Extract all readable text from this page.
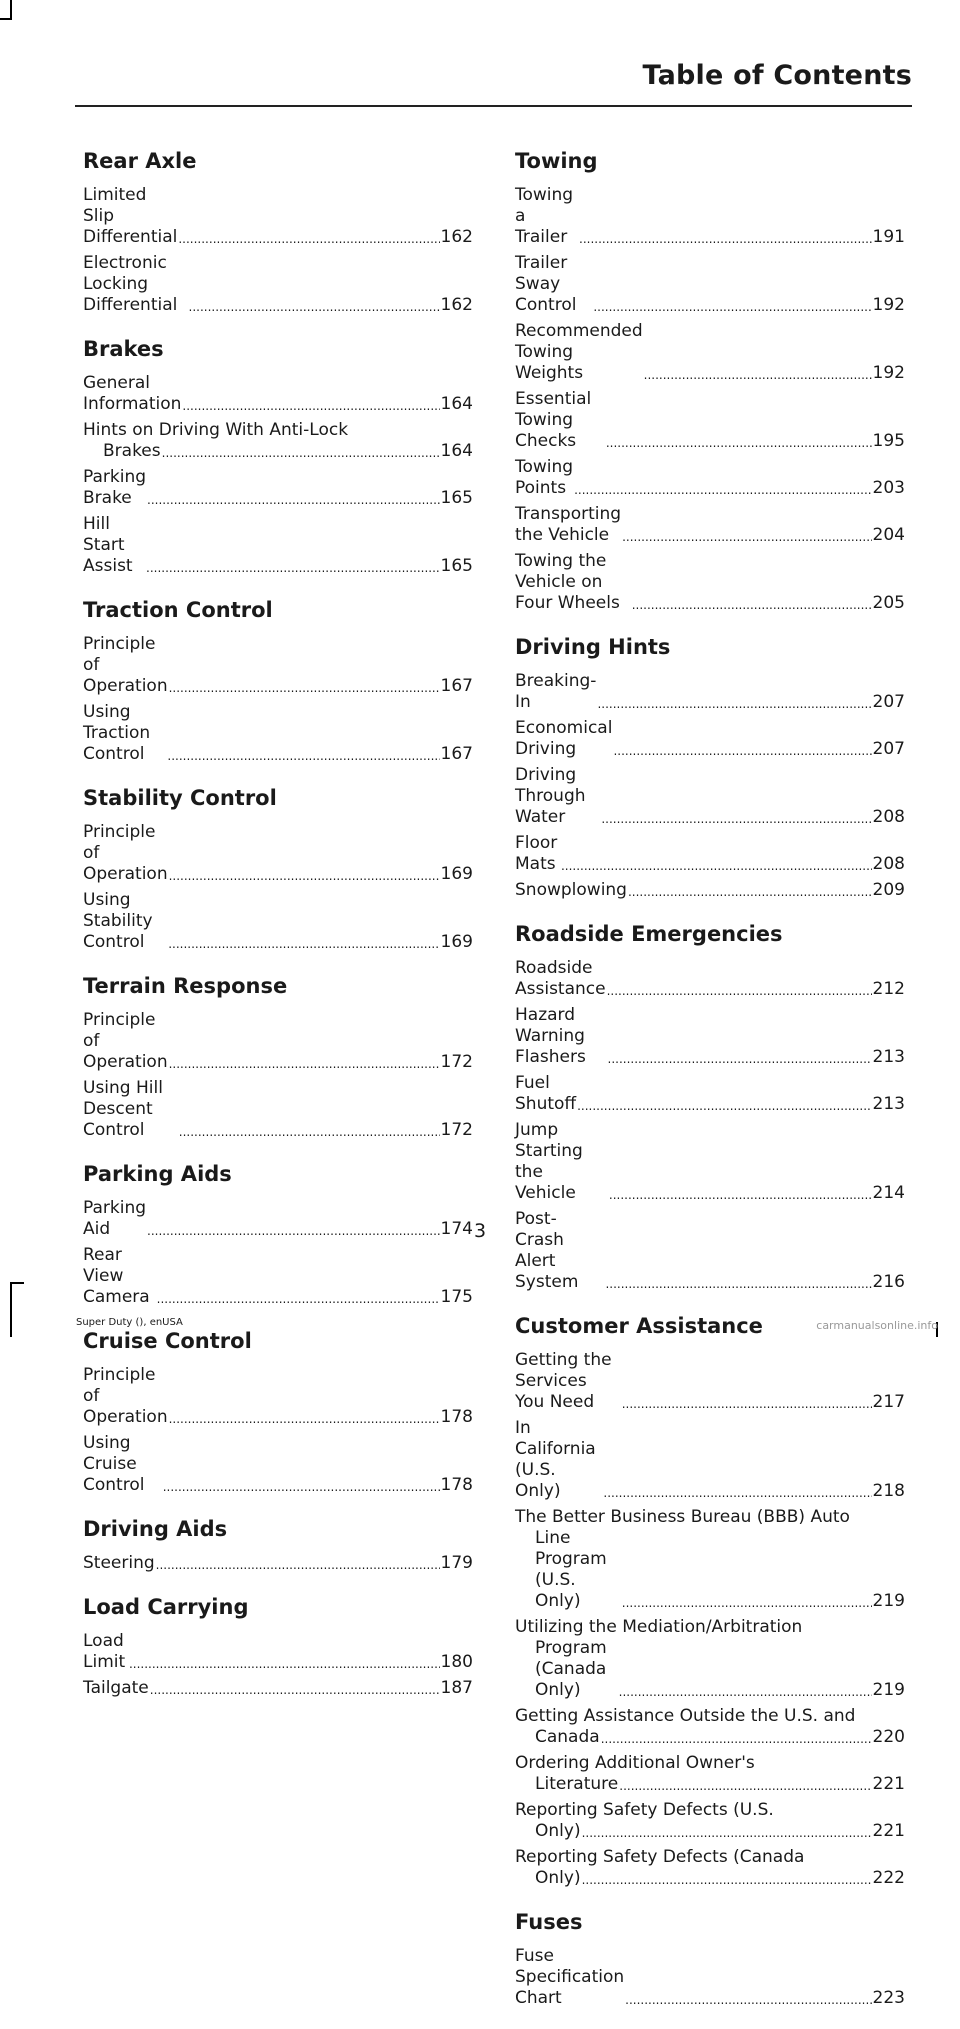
Table of Contents
Rear Axle
Limited Slip Differential .....	162
Electronic Locking Differential .....	162
Brakes
General Information .....	164
Hints on Driving With Anti-Lock
Brakes .....	164
Parking Brake .....	165
Hill Start Assist .....	165
Traction Control
Principle of Operation .....	167
Using Traction Control .....	167
Stability Control
Principle of Operation .....	169
Using Stability Control .....	169
Terrain Response
Principle of Operation .....	172
Using Hill Descent Control .....	172
Parking Aids
Parking Aid .....	174
Rear View Camera .....	175
Cruise Control
Principle of Operation .....	178
Using Cruise Control .....	178
Driving Aids
Steering .....	179
Load Carrying
Load Limit .....	180
Tailgate .....	187
Towing
Towing a Trailer .....	191
Trailer Sway Control .....	192
Recommended Towing Weights .....	192
Essential Towing Checks .....	195
Towing Points .....	203
Transporting the Vehicle .....	204
Towing the Vehicle on Four Wheels .....	205
Driving Hints
Breaking-In .....	207
Economical Driving .....	207
Driving Through Water .....	208
Floor Mats .....	208
Snowplowing .....	209
Roadside Emergencies
Roadside Assistance .....	212
Hazard Warning Flashers .....	213
Fuel Shutoff .....	213
Jump Starting the Vehicle .....	214
Post-Crash Alert System .....	216
Customer Assistance
Getting the Services You Need .....	217
In California (U.S. Only) .....	218
The Better Business Bureau (BBB) Auto
Line Program (U.S. Only) .....	219
Utilizing the Mediation/Arbitration
Program (Canada Only) .....	219
Getting Assistance Outside the U.S. and
Canada .....	220
Ordering Additional Owner's
Literature .....	221
Reporting Safety Defects (U.S.
Only) .....	221
Reporting Safety Defects (Canada
Only) .....	222
Fuses
Fuse Specification Chart .....	223
3
Super Duty (), enUSA	carmanualsonline.info
